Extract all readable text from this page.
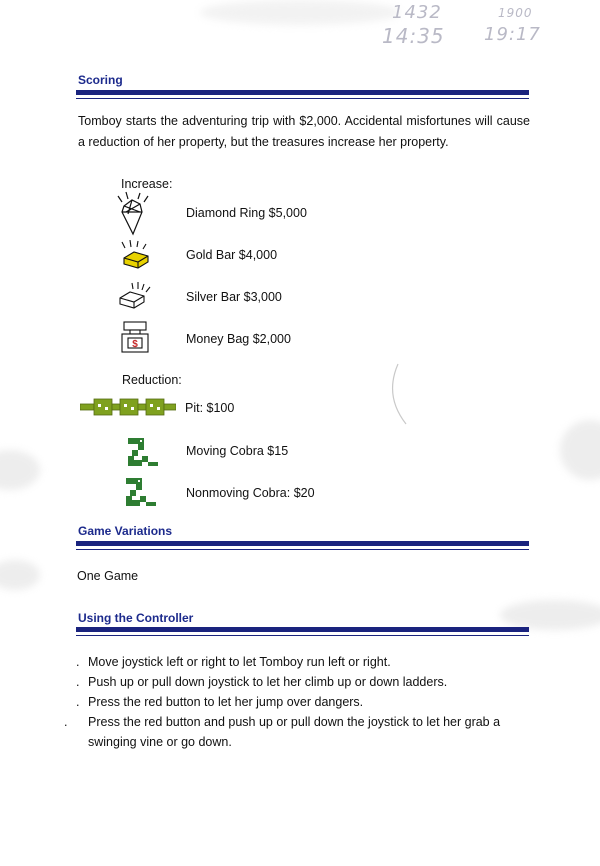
1432
14:35
1900
19:17
Scoring

Tomboy starts the adventuring trip with $2,000. Accidental misfortunes will cause a reduction of her property, but the treasures increase her property.

Increase:
Diamond Ring $5,000
Gold Bar $4,000
Silver Bar $3,000
$	Money Bag $2,000
Reduction:
Pit: $100
Moving Cobra $15
Nonmoving Cobra: $20
Game Variations
One Game
Using the Controller

. Move joystick left or right to let Tomboy run left or right.

. Push up or pull down joystick to let her climb up or down ladders.

. Press the red button to let her jump over dangers.

. Press the red button and push up or pull down the joystick to let her grab a swinging vine or go down.
